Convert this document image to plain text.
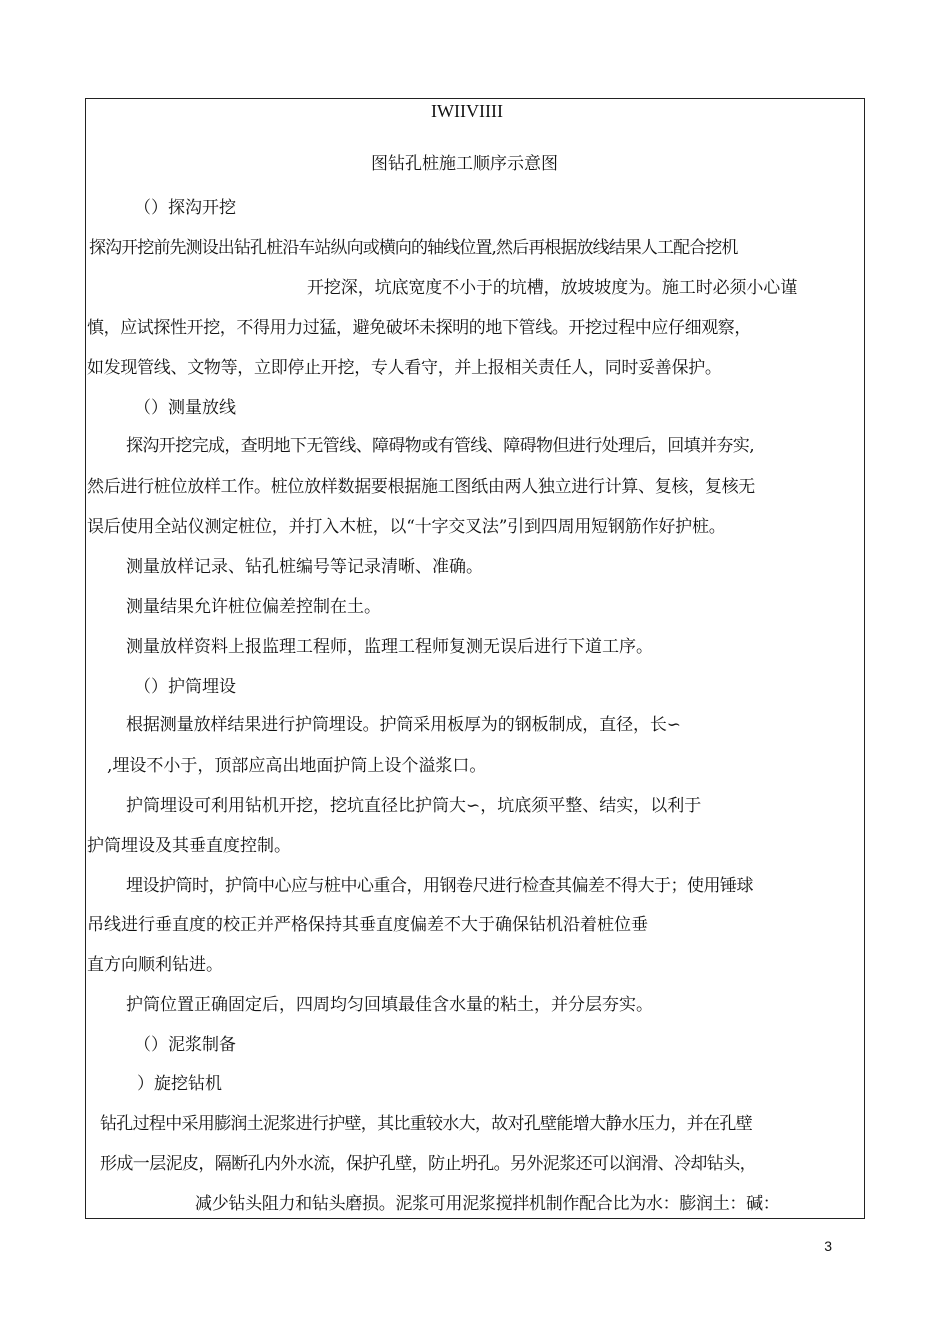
IWIIVIIII
图钻孔桩施工顺序示意图
（）探沟开挖
探沟开挖前先测设出钻孔桩沿车站纵向或横向的轴线位置,然后再根据放线结果人工配合挖机
开挖深，坑底宽度不小于的坑槽，放坡坡度为。施工时必须小心谨
慎，应试探性开挖，不得用力过猛，避免破坏未探明的地下管线。开挖过程中应仔细观察，
如发现管线、文物等，立即停止开挖，专人看守，并上报相关责任人，同时妥善保护。
（）测量放线
探沟开挖完成，查明地下无管线、障碍物或有管线、障碍物但进行处理后，回填并夯实,
然后进行桩位放样工作。桩位放样数据要根据施工图纸由两人独立进行计算、复核，复核无
误后使用全站仪测定桩位，并打入木桩，以“十字交叉法”引到四周用短钢筋作好护桩。
测量放样记录、钻孔桩编号等记录清晰、准确。
测量结果允许桩位偏差控制在土。
测量放样资料上报监理工程师，监理工程师复测无误后进行下道工序。
（）护筒埋设
根据测量放样结果进行护筒埋设。护筒采用板厚为的钢板制成，直径，长∽
,埋设不小于，顶部应高出地面护筒上设个溢浆口。
护筒埋设可利用钻机开挖，挖坑直径比护筒大∽，坑底须平整、结实，以利于
护筒埋设及其垂直度控制。
埋设护筒时，护筒中心应与桩中心重合，用钢卷尺进行检查其偏差不得大于；使用锤球
吊线进行垂直度的校正并严格保持其垂直度偏差不大于确保钻机沿着桩位垂
直方向顺利钻进。
护筒位置正确固定后，四周均匀回填最佳含水量的粘土，并分层夯实。
（）泥浆制备
）旋挖钻机
钻孔过程中采用膨润土泥浆进行护壁，其比重较水大，故对孔壁能增大静水压力，并在孔壁
形成一层泥皮，隔断孔内外水流，保护孔壁，防止坍孔。另外泥浆还可以润滑、冷却钻头，
减少钻头阻力和钻头磨损。泥浆可用泥浆搅拌机制作配合比为水：膨润土：碱：
3
